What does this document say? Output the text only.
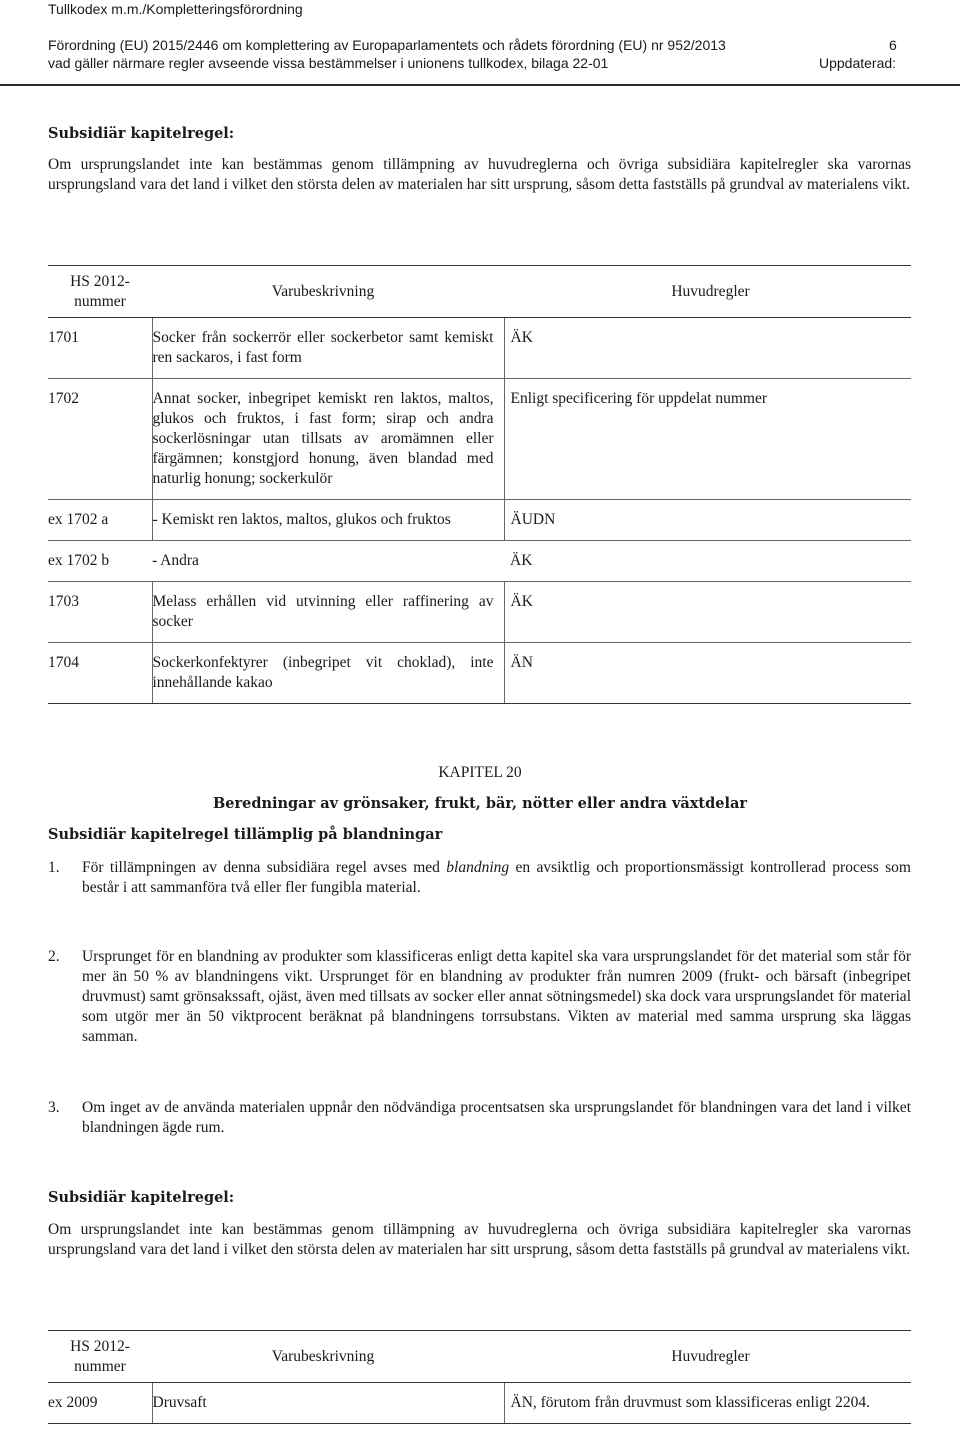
Tullkodex m.m./Kompletteringsförordning
Förordning (EU) 2015/2446 om komplettering av Europaparlamentets och rådets förordning (EU) nr 952/2013
vad gäller närmare regler avseende vissa bestämmelser i unionens tullkodex, bilaga 22-01
6
Uppdaterad:
Subsidiär kapitelregel:
Om ursprungslandet inte kan bestämmas genom tillämpning av huvudreglerna och övriga subsidiära kapitelregler ska varornas ursprungsland vara det land i vilket den största delen av materialen har sitt ursprung, såsom detta fastställs på grundval av materialens vikt.
HS 2012-
nummer	Varubeskrivning	Huvudregler
1701	Socker från sockerrör eller sockerbetor samt kemiskt ren sackaros, i fast form	ÄK
1702	Annat socker, inbegripet kemiskt ren laktos, maltos, glukos och fruktos, i fast form; sirap och andra sockerlösningar utan tillsats av aromämnen eller färgämnen; konstgjord honung, även blandad med naturlig honung; sockerkulör	Enligt specificering för uppdelat nummer
ex 1702 a	- Kemiskt ren laktos, maltos, glukos och fruktos	ÄUDN
ex 1702 b	- Andra	ÄK
1703	Melass erhållen vid utvinning eller raffinering av socker	ÄK
1704	Sockerkonfektyrer (inbegripet vit choklad), inte innehållande kakao	ÄN
KAPITEL 20
Beredningar av grönsaker, frukt, bär, nötter eller andra växtdelar
Subsidiär kapitelregel tillämplig på blandningar
1. För tillämpningen av denna subsidiära regel avses med blandning en avsiktlig och proportionsmässigt kontrollerad process som består i att sammanföra två eller fler fungibla material.
2. Ursprunget för en blandning av produkter som klassificeras enligt detta kapitel ska vara ursprungslandet för det material som står för mer än 50 % av blandningens vikt. Ursprunget för en blandning av produkter från numren 2009 (frukt- och bärsaft (inbegripet druvmust) samt grönsakssaft, ojäst, även med tillsats av socker eller annat sötningsmedel) ska dock vara ursprungslandet för material som utgör mer än 50 viktprocent beräknat på blandningens torrsubstans. Vikten av material med samma ursprung ska läggas samman.
3. Om inget av de använda materialen uppnår den nödvändiga procentsatsen ska ursprungslandet för blandningen vara det land i vilket blandningen ägde rum.
Subsidiär kapitelregel:
Om ursprungslandet inte kan bestämmas genom tillämpning av huvudreglerna och övriga subsidiära kapitelregler ska varornas ursprungsland vara det land i vilket den största delen av materialen har sitt ursprung, såsom detta fastställs på grundval av materialens vikt.
HS 2012-
nummer	Varubeskrivning	Huvudregler
ex 2009	Druvsaft	ÄN, förutom från druvmust som klassificeras enligt 2204.
